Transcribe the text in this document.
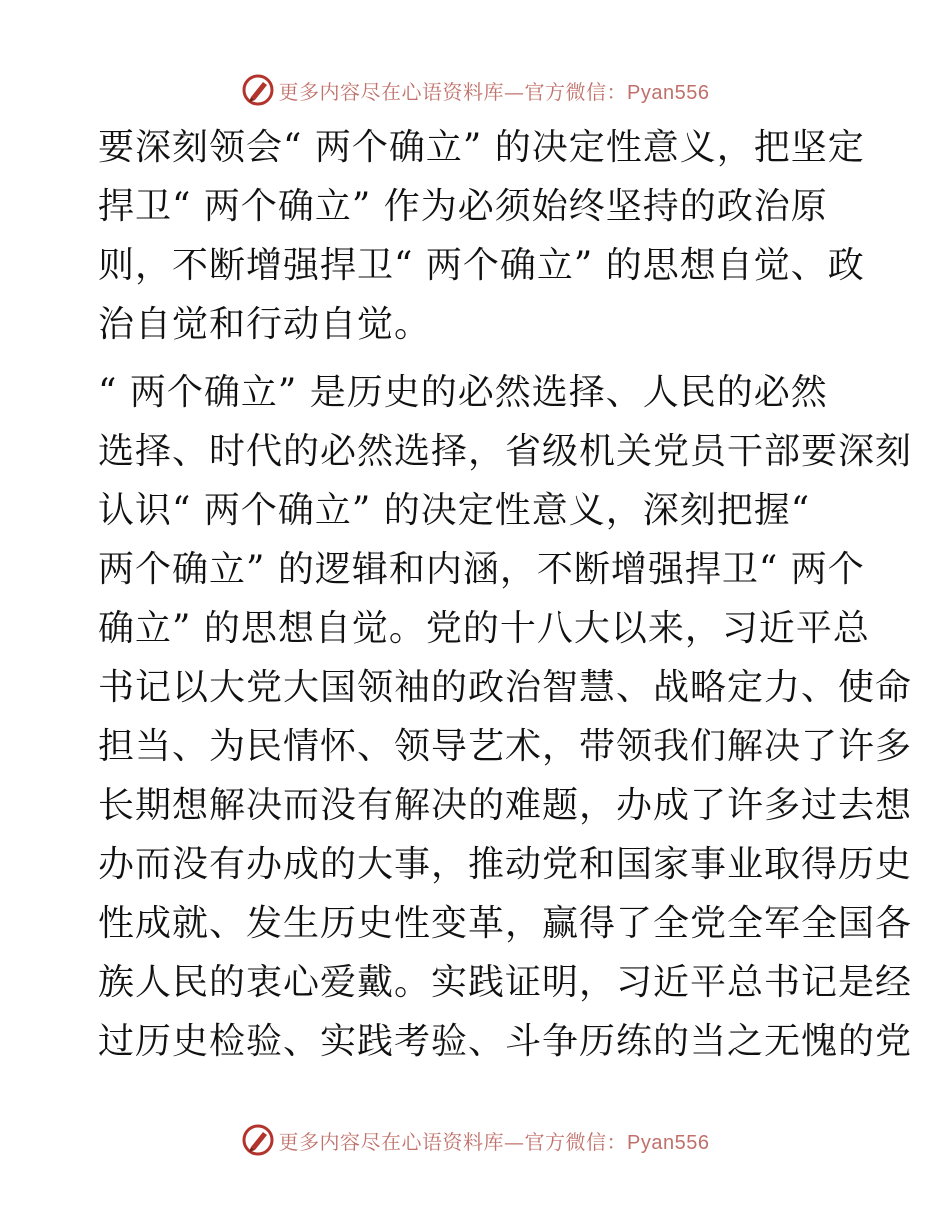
更多内容尽在心语资料库—官方微信：Pyan556
要深刻领会“ 两个确立” 的决定性意义，把坚定
捍卫“ 两个确立” 作为必须始终坚持的政治原
则，不断增强捍卫“ 两个确立” 的思想自觉、政
治自觉和行动自觉。
“ 两个确立” 是历史的必然选择、人民的必然
选择、时代的必然选择，省级机关党员干部要深刻
认识“ 两个确立” 的决定性意义，深刻把握“
两个确立” 的逻辑和内涵，不断增强捍卫“ 两个
确立” 的思想自觉。党的十八大以来，习近平总
书记以大党大国领袖的政治智慧、战略定力、使命
担当、为民情怀、领导艺术，带领我们解决了许多
长期想解决而没有解决的难题，办成了许多过去想
办而没有办成的大事，推动党和国家事业取得历史
性成就、发生历史性变革，赢得了全党全军全国各
族人民的衷心爱戴。实践证明，习近平总书记是经
过历史检验、实践考验、斗争历练的当之无愧的党
更多内容尽在心语资料库—官方微信：Pyan556
